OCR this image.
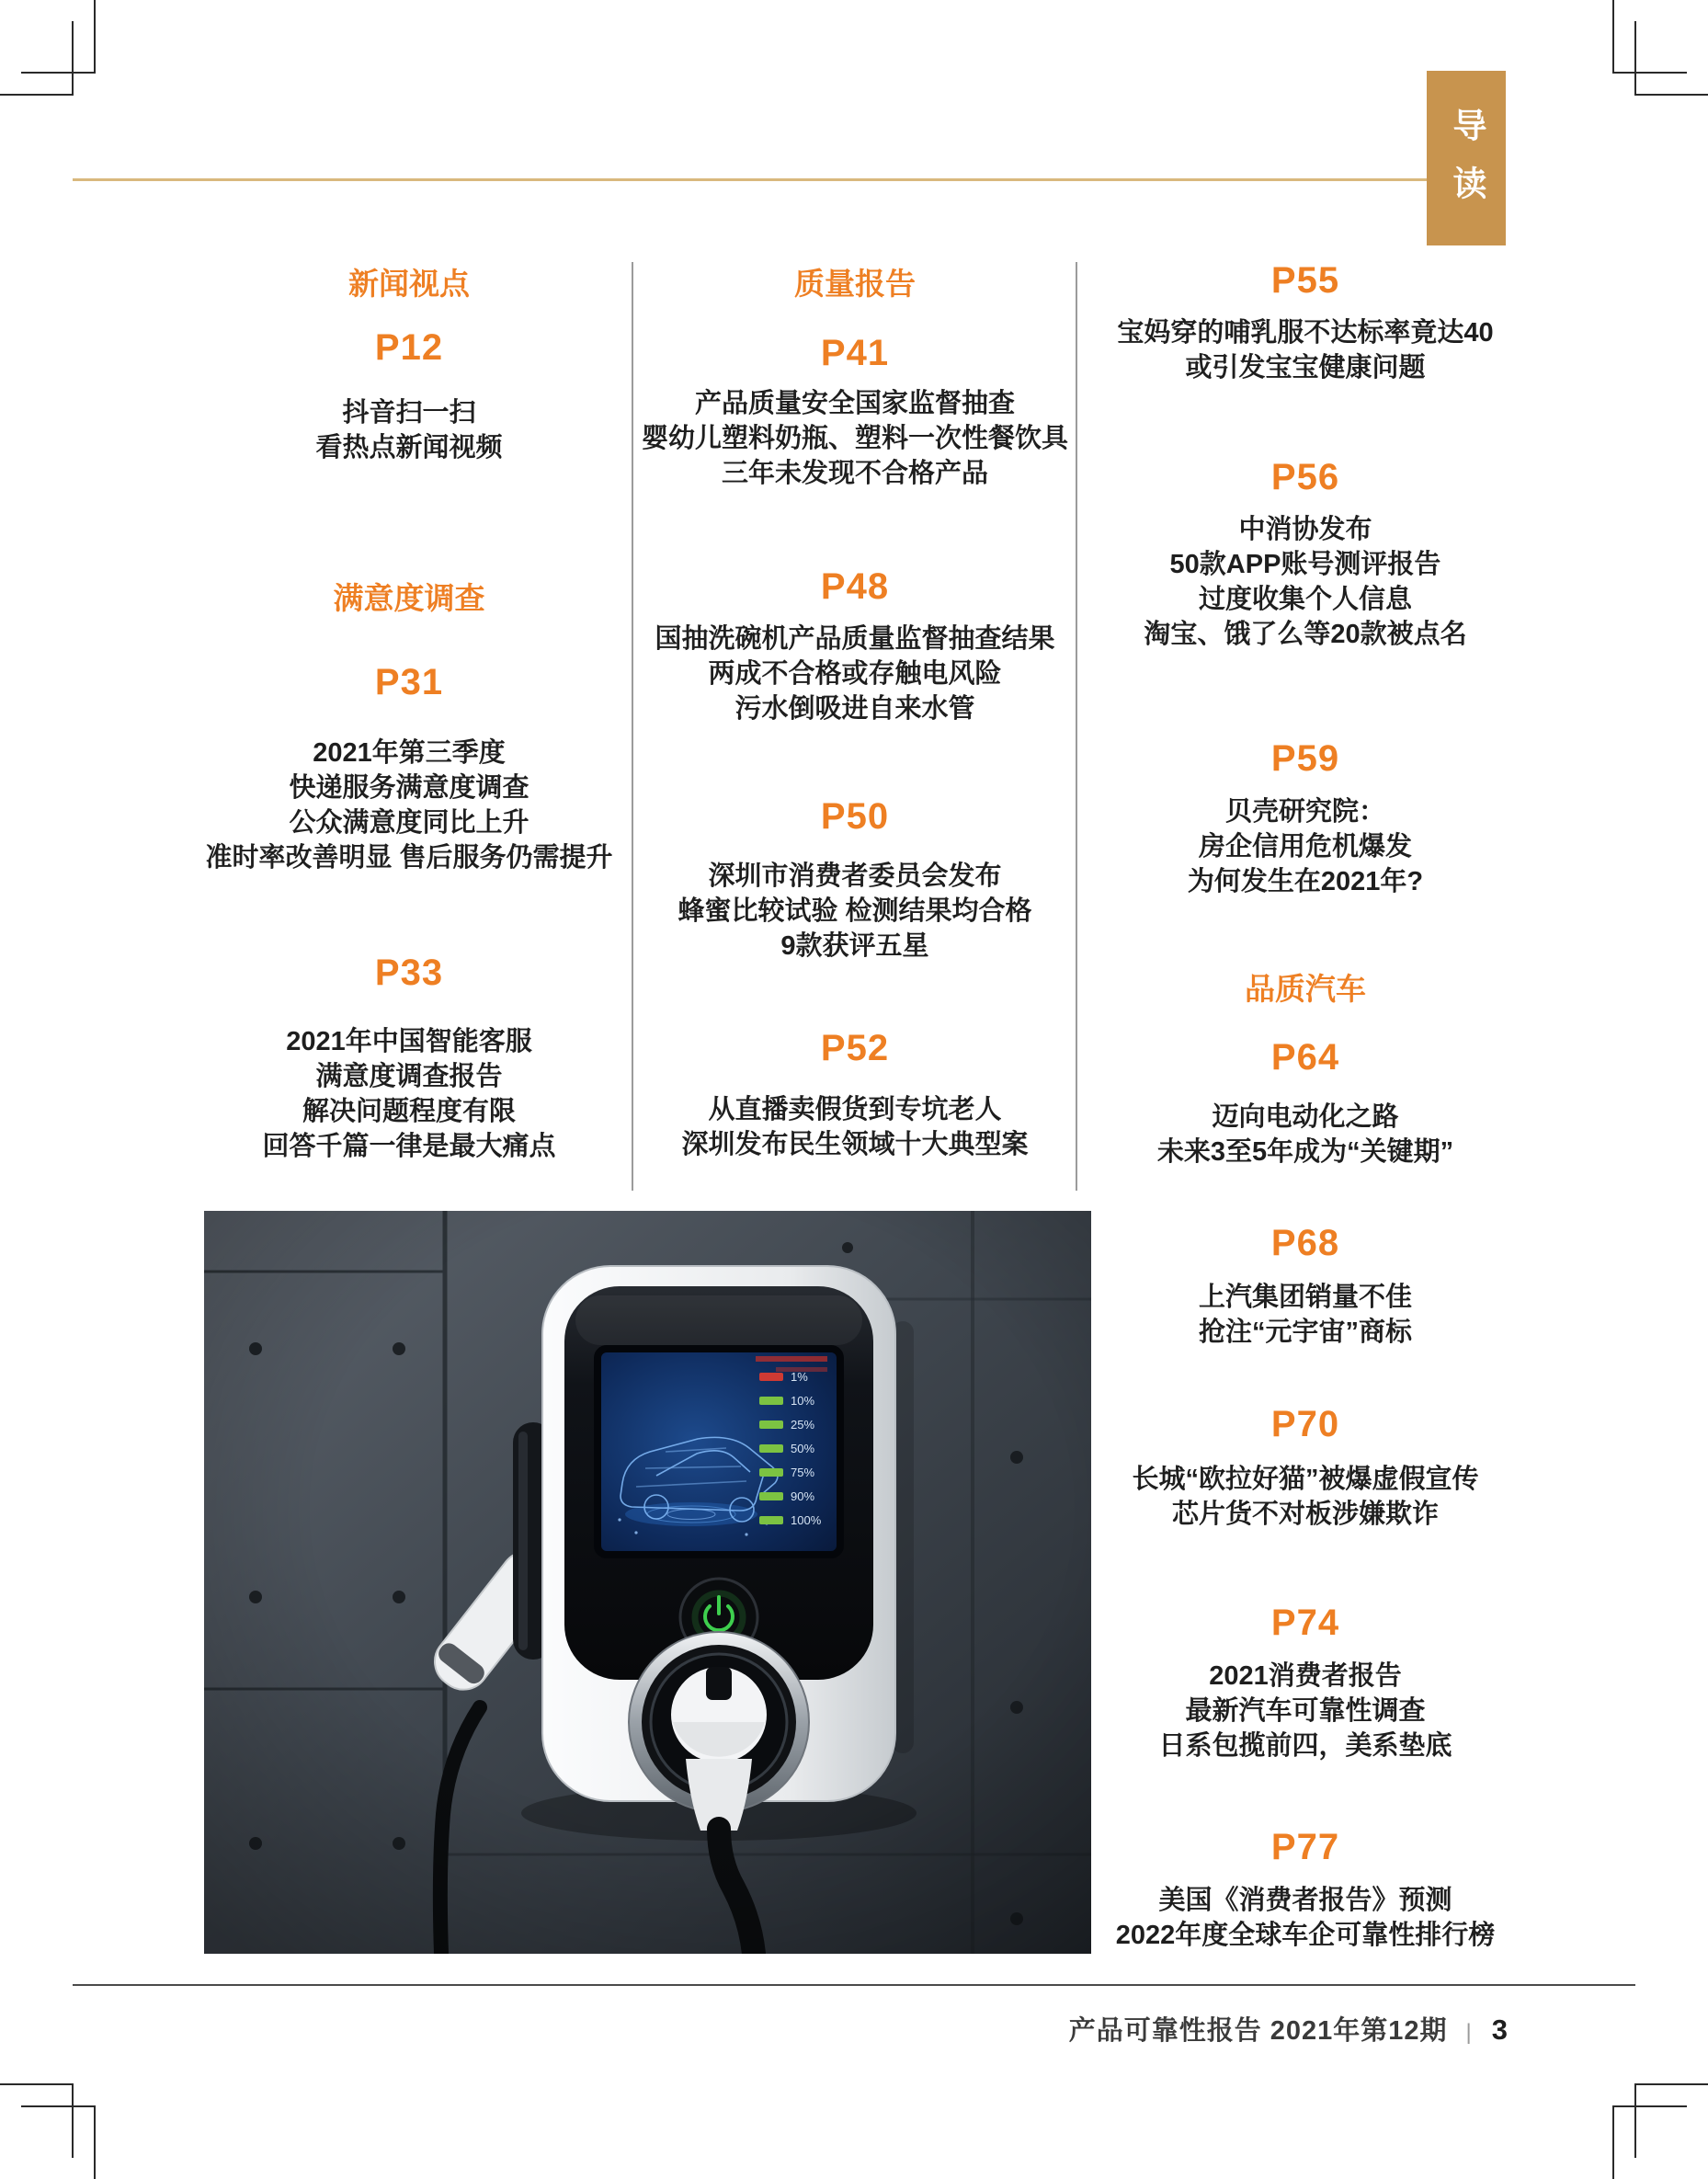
导读
新闻视点
P12
抖音扫一扫
看热点新闻视频
满意度调查
P31
2021年第三季度
快递服务满意度调查
公众满意度同比上升
准时率改善明显 售后服务仍需提升
P33
2021年中国智能客服
满意度调查报告
解决问题程度有限
回答千篇一律是最大痛点
质量报告
P41
产品质量安全国家监督抽查
婴幼儿塑料奶瓶、塑料一次性餐饮具
三年未发现不合格产品
P48
国抽洗碗机产品质量监督抽查结果
两成不合格或存触电风险
污水倒吸进自来水管
P50
深圳市消费者委员会发布
蜂蜜比较试验 检测结果均合格
9款获评五星
P52
从直播卖假货到专坑老人
深圳发布民生领域十大典型案
P55
宝妈穿的哺乳服不达标率竟达40
或引发宝宝健康问题
P56
中消协发布
50款APP账号测评报告
过度收集个人信息
淘宝、饿了么等20款被点名
P59
贝壳研究院：
房企信用危机爆发
为何发生在2021年?
品质汽车
P64
迈向电动化之路
未来3至5年成为“关键期”
P68
上汽集团销量不佳
抢注“元宇宙”商标
P70
长城“欧拉好猫”被爆虚假宣传
芯片货不对板涉嫌欺诈
P74
2021消费者报告
最新汽车可靠性调查
日系包揽前四，美系垫底
P77
美国《消费者报告》预测
2022年度全球车企可靠性排行榜
产品可靠性报告 2021年第12期 | 3
